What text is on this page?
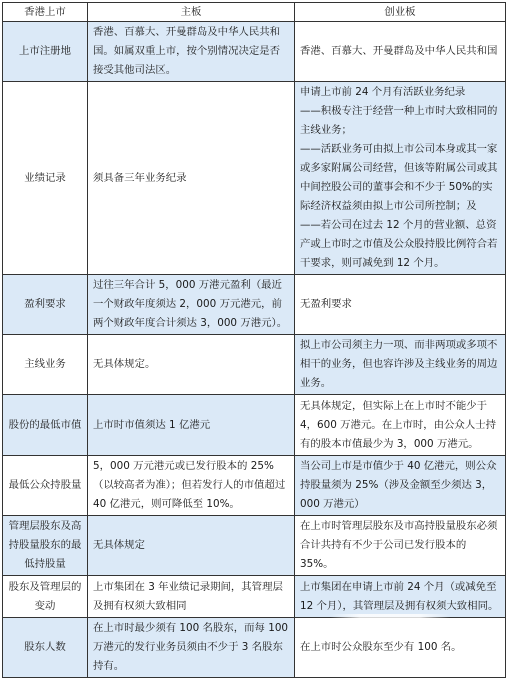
香港上市	主板	创业板
上市注册地	香港、百慕大、开曼群岛及中华人民共和国。如属双重上市，按个别情况决定是否接受其他司法区。	香港、百慕大、开曼群岛及中华人民共和国
业绩记录	须具备三年业务纪录	申请上市前 24 个月有活跃业务纪录
——积极专注于经营一种上市时大致相同的主线业务；
——活跃业务可由拟上市公司本身或其一家或多家附属公司经营，但该等附属公司或其中间控股公司的董事会和不少于 50%的实际经济权益须由拟上市公司所控制；及
——若公司在过去 12 个月的营业额、总资产或上市时之市值及公众股持股比例符合若干要求，则可减免到 12 个月。

盈利要求	过往三年合计 5，000 万港元盈利（最近一个财政年度须达 2，000 万元港元，前两个财政年度合计须达 3，000 万港元）。	无盈利要求
主线业务	无具体规定。	拟上市公司须主力一项、而非两项或多项不相干的业务，但也容许涉及主线业务的周边业务。
股份的最低市值	上市时市值须达 1 亿港元	无具体规定，但实际上在上市时不能少于 4，600 万港元。在上市时，由公众人士持有的股本市值最少为 3，000 万港元。
最低公众持股量	5，000 万元港元或已发行股本的 25%（以较高者为准）；但若发行人的市值超过 40 亿港元，则可降低至 10%。	当公司上市是市值少于 40 亿港元，则公众持股量须为 25%（涉及金额至少须达 3，000 万港元）
管理层股东及高持股量股东的最低持股量	无具体规定	在上市时管理层股东及市高持股量股东必须合计共持有不少于公司已发行股本的 35%。
股东及管理层的变动	上市集团在 3 年业绩记录期间，其管理层及拥有权须大致相同	上市集团在申请上市前 24 个月（或减免至 12 个月），其管理层及拥有权须大致相同。
股东人数	在上市时最少须有 100 名股东，而每 100 万港元的发行业务员须由不少于 3 名股东持有。	在上市时公众股东至少有 100 名。
